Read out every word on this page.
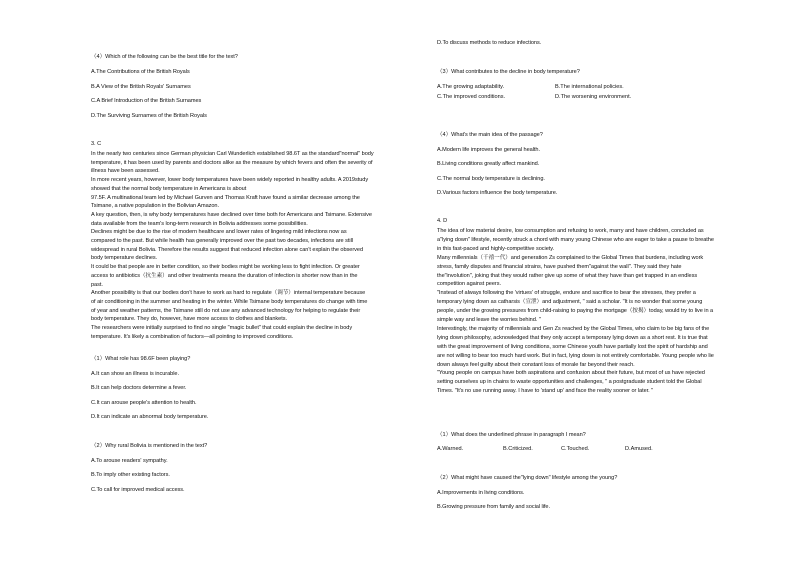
（4）Which of the following can be the best title for the text?
A.The Contributions of the British Royals
B.A View of the British Royals' Surnames
C.A Brief Introduction of the British Surnames
D.The Surviving Surnames of the British Royals
3. C
In the nearly two centuries since German physician Carl Wunderlich established 98.6T as the standard"normal" body
temperature, it has been used by parents and doctors alike as the measure by which fevers and often the severity of
illness have been assessed.
In more recent years, however, lower body temperatures have been widely reported in healthy adults. A 2019study
showed that the normal body temperature in Americans is about
97.5F. A multinational team led by Michael Gurven and Thomas Kraft have found a similar decrease among the
Tsimane, a native population in the Bolivian Amazon.
A key question, then, is why body temperatures have declined over time both for Americans and Tsimane. Extensive
data available from the team's long-term research in Bolivia addresses some possibilities.
Declines might be due to the rise of modern healthcare and lower rates of lingering mild infections now as
compared to the past. But while health has generally improved over the past two decades, infections are still
widespread in rural Bolivia. Therefore the results suggest that reduced infection alone can't explain the observed
body temperature declines.
It could be that people are in better condition, so their bodies might be working less to fight infection. Or greater
access to antibiotics（抗生素）and other treatments means the duration of infection is shorter now than in the
past.
Another possibility is that our bodies don't have to work as hard to regulate（调节）internal temperature because
of air conditioning in the summer and heating in the winter. While Tsimane body temperatures do change with time
of year and weather patterns, the Tsimane still do not use any advanced technology for helping to regulate their
body temperature. They do, however, have more access to clothes and blankets.
The researchers were initially surprised to find no single "magic bullet" that could explain the decline in body
temperature. It's likely a combination of factors—all pointing to improved conditions.
（1）What role has 98.6F been playing?
A.It can show an illness is incurable.
B.It can help doctors determine a fever.
C.It can arouse people's attention to health.
D.It can indicate an abnormal body temperature.
（2）Why rural Bolivia is mentioned in the text?
A.To arouse readers' sympathy.
B.To imply other existing factors.
C.To call for improved medical access.
D.To discuss methods to reduce infections.
（3）What contributes to the decline in body temperature?
A.The growing adaptability.	B.The international policies.
C.The improved conditions.	D.The worsening environment.
（4）What's the main idea of the passage?
A.Modern life improves the general health.
B.Living conditions greatly affect mankind.
C.The normal body temperature is declining.
D.Various factors influence the body temperature.
4. D
The idea of low material desire, low consumption and refusing to work, marry and have children, concluded as
a"lying down" lifestyle, recently struck a chord with many young Chinese who are eager to take a pause to breathe
in this fast-paced and highly-competitive society.
Many millennials（千禧一代）and generation Zs complained to the Global Times that burdens, including work
stress, family disputes and financial strains, have pushed them"against the wall". They said they hate
the"involution", joking that they would rather give up some of what they have than get trapped in an endless
competition against peers.
"Instead of always following the 'virtues' of struggle, endure and sacrifice to bear the stresses, they prefer a
temporary lying down as catharsis（宣泄）and adjustment, " said a scholar. "It is no wonder that some young
people, under the growing pressures from child-raising to paying the mortgage（按揭）today, would try to live in a
simple way and leave the worries behind. "
Interestingly, the majority of millennials and Gen Zs reached by the Global Times, who claim to be big fans of the
lying down philosophy, acknowledged that they only accept a temporary lying down as a short rest. It is true that
with the great improvement of living conditions, some Chinese youth have partially lost the spirit of hardship and
are not willing to bear too much hard work. But in fact, lying down is not entirely comfortable. Young people who lie
down always feel guilty about their constant loss of morale far beyond their reach.
"Young people on campus have both aspirations and confusion about their future, but most of us have rejected
setting ourselves up in chains to waste opportunities and challenges, " a postgraduate student told the Global
Times. "It's no use running away. I have to 'stand up' and face the reality sooner or later. "
（1）What does the underlined phrase in paragraph I mean?
A.Warned.	B.Criticized.	C.Touched.	D.Amused.
（2）What might have caused the"lying down" lifestyle among the young?
A.Improvements in living conditions.
B.Growing pressure from family and social life.
